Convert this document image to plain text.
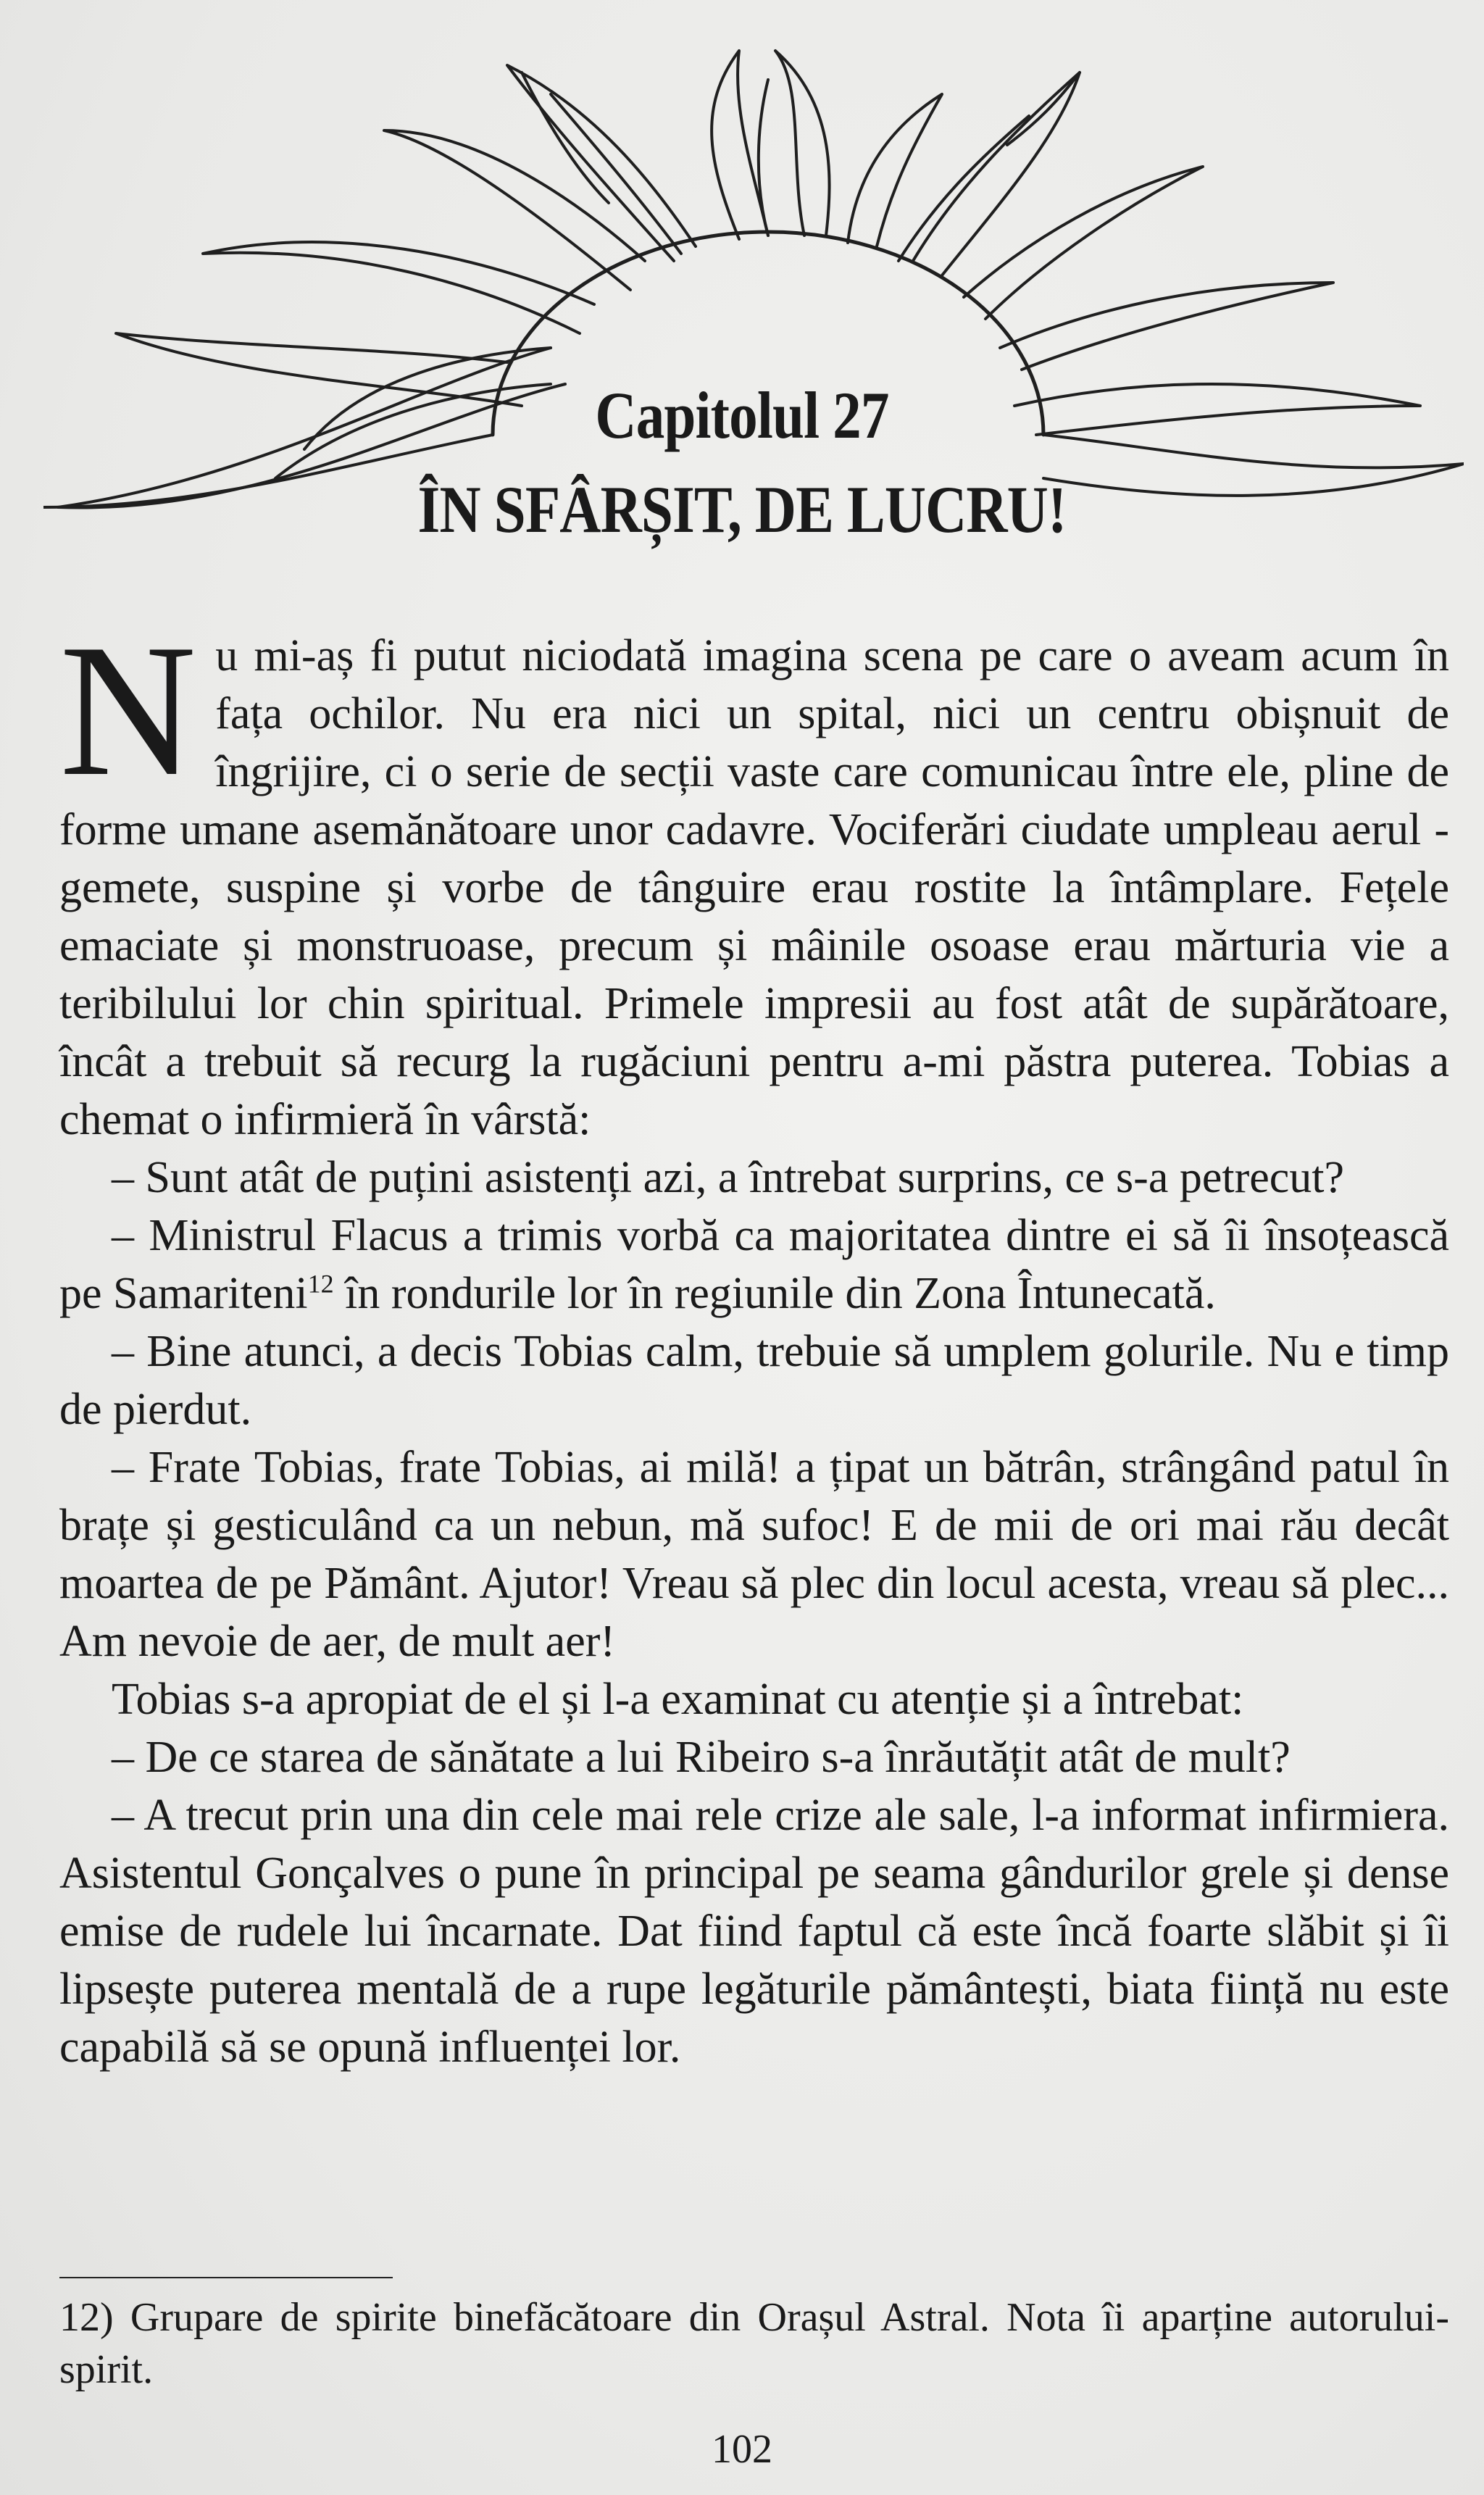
Capitolul 27
ÎN SFÂRȘIT, DE LUCRU!

Nu mi-aș fi putut niciodată imagina scena pe care o aveam acum în fața ochilor. Nu era nici un spital, nici un centru obișnuit de îngrijire, ci o serie de secții vaste care comunicau între ele, pline de forme umane asemănătoare unor cadavre. Vociferări ciudate umpleau aerul - gemete, suspine și vorbe de tânguire erau rostite la întâmplare. Fețele emaciate și monstruoase, precum și mâinile osoase erau mărturia vie a teribilului lor chin spiritual. Primele impresii au fost atât de supărătoare, încât a trebuit să recurg la rugăciuni pentru a-mi păstra puterea. Tobias a chemat o infirmieră în vârstă:

– Sunt atât de puțini asistenți azi, a întrebat surprins, ce s-a petrecut?

– Ministrul Flacus a trimis vorbă ca majoritatea dintre ei să îi însoțească pe Samariteni$^{12}$ în rondurile lor în regiunile din Zona Întunecată.

– Bine atunci, a decis Tobias calm, trebuie să umplem golurile. Nu e timp de pierdut.

– Frate Tobias, frate Tobias, ai milă! a țipat un bătrân, strângând patul în brațe și gesticulând ca un nebun, mă sufoc! E de mii de ori mai rău decât moartea de pe Pământ. Ajutor! Vreau să plec din locul acesta, vreau să plec... Am nevoie de aer, de mult aer!

Tobias s-a apropiat de el și l-a examinat cu atenție și a întrebat:

– De ce starea de sănătate a lui Ribeiro s-a înrăutățit atât de mult?

– A trecut prin una din cele mai rele crize ale sale, l-a informat infirmiera. Asistentul Gonçalves o pune în principal pe seama gândurilor grele și dense emise de rudele lui încarnate. Dat fiind faptul că este încă foarte slăbit și îi lipsește puterea mentală de a rupe legăturile pământești, biata ființă nu este capabilă să se opună influenței lor.

12) Grupare de spirite binefăcătoare din Orașul Astral. Nota îi aparține autorului-spirit.
102
